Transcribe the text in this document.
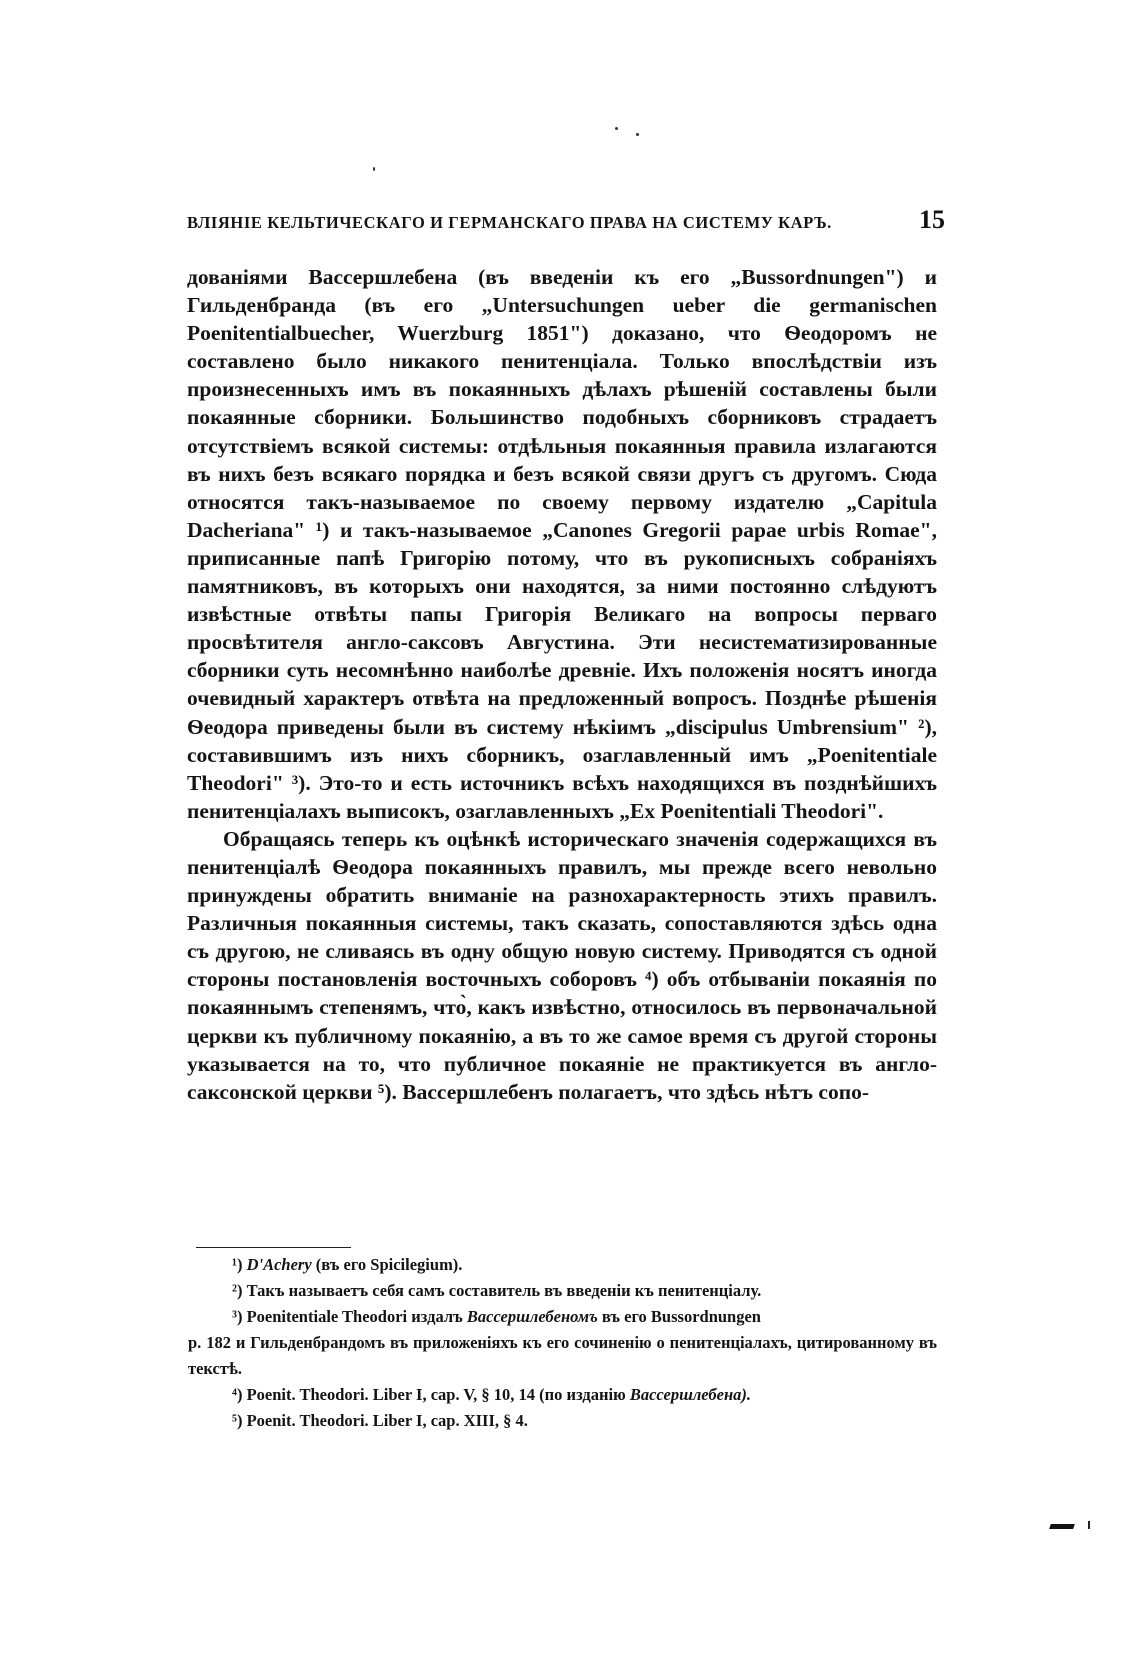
ВЛІЯНІЕ КЕЛЬТИЧЕСКАГО И ГЕРМАНСКАГО ПРАВА НА СИСТЕМУ КАРЪ.	15

дованіями Вассершлебена (въ введеніи къ его „Bussordnungen") и Гильденбранда (въ его „Untersuchungen ueber die germanischen Poenitentialbuecher, Wuerzburg 1851") доказано, что Ѳеодоромъ не составлено было никакого пенитенціала. Только впослѣдствіи изъ произнесенныхъ имъ въ покаянныхъ дѣлахъ рѣшеній составлены были покаянные сборники. Большинство подобныхъ сборниковъ страдаетъ отсутствіемъ всякой системы: отдѣльныя покаянныя правила излагаются въ нихъ безъ всякаго порядка и безъ всякой связи другъ съ другомъ. Сюда относятся такъ-называемое по своему первому издателю „Capitula Dacheriana" ¹) и такъ-называемое „Canones Gregorii papae urbis Romae", приписанные папѣ Григорію потому, что въ рукописныхъ собраніяхъ памятниковъ, въ которыхъ они находятся, за ними постоянно слѣдуютъ извѣстные отвѣты папы Григорія Великаго на вопросы перваго просвѣтителя англо-саксовъ Августина. Эти несистематизированные сборники суть несомнѣнно наиболѣе древніе. Ихъ положенія носятъ иногда очевидный характеръ отвѣта на предложенный вопросъ. Позднѣе рѣшенія Ѳеодора приведены были въ систему нѣкіимъ „discipulus Umbrensium" ²), составившимъ изъ нихъ сборникъ, озаглавленный имъ „Poenitentiale Theodori" ³). Это-то и есть источникъ всѣхъ находящихся въ позднѣйшихъ пенитенціалахъ выписокъ, озаглавленныхъ „Ex Poenitentiali Theodori".

Обращаясь теперь къ оцѣнкѣ историческаго значенія содержащихся въ пенитенціалѣ Ѳеодора покаянныхъ правилъ, мы прежде всего невольно принуждены обратить вниманіе на разнохарактерность этихъ правилъ. Различныя покаянныя системы, такъ сказать, сопоставляются здѣсь одна съ другою, не сливаясь въ одну общую новую систему. Приводятся съ одной стороны постановленія восточныхъ соборовъ ⁴) объ отбываніи покаянія по покаяннымъ степенямъ, что̀, какъ извѣстно, относилось въ первоначальной церкви къ публичному покаянію, а въ то же самое время съ другой стороны указывается на то, что публичное покаяніе не практикуется въ англо-саксонской церкви ⁵). Вассершлебенъ полагаетъ, что здѣсь нѣтъ сопо-

¹) D'Achery (въ его Spicilegium).

²) Такъ называетъ себя самъ составитель въ введеніи къ пенитенціалу.

³) Poenitentiale Theodori издалъ Вассершлебеномъ въ его Bussordnungen

p. 182 и Гильденбрандомъ въ приложеніяхъ къ его сочиненію о пенитенціалахъ, цитированному въ текстѣ.

⁴) Poenit. Theodori. Liber I, cap. V, § 10, 14 (по изданію Вассершлебена).

⁵) Poenit. Theodori. Liber I, cap. XIII, § 4.
